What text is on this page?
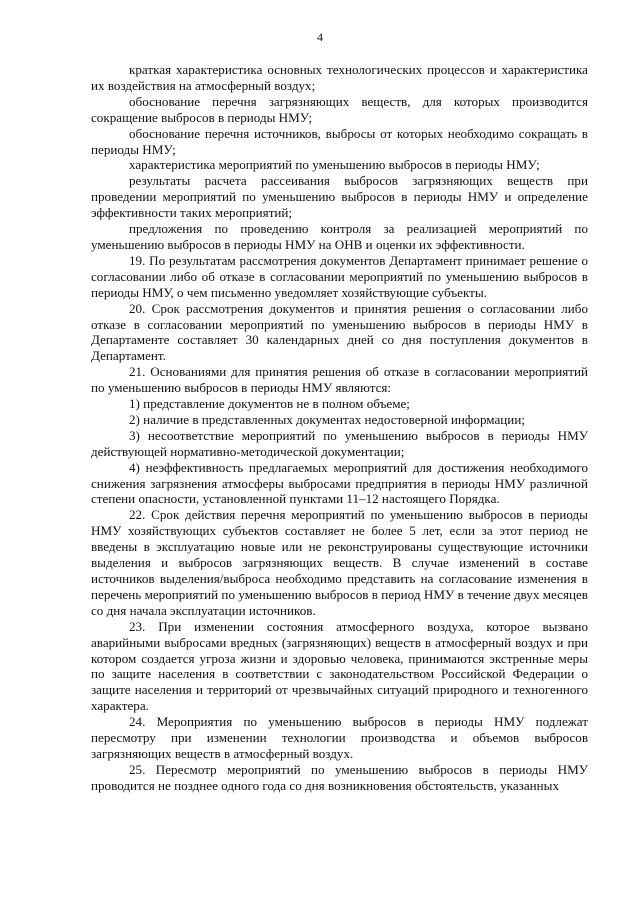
4

краткая характеристика основных технологических процессов и характеристика их воздействия на атмосферный воздух;

обоснование перечня загрязняющих веществ, для которых производится сокращение выбросов в периоды НМУ;

обоснование перечня источников, выбросы от которых необходимо сокращать в периоды НМУ;

характеристика мероприятий по уменьшению выбросов в периоды НМУ;

результаты расчета рассеивания выбросов загрязняющих веществ при проведении мероприятий по уменьшению выбросов в периоды НМУ и определение эффективности таких мероприятий;

предложения по проведению контроля за реализацией мероприятий по уменьшению выбросов в периоды НМУ на ОНВ и оценки их эффективности.

19. По результатам рассмотрения документов Департамент принимает решение о согласовании либо об отказе в согласовании мероприятий по уменьшению выбросов в периоды НМУ, о чем письменно уведомляет хозяйствующие субъекты.

20. Срок рассмотрения документов и принятия решения о согласовании либо отказе в согласовании мероприятий по уменьшению выбросов в периоды НМУ в Департаменте составляет 30 календарных дней со дня поступления документов в Департамент.

21. Основаниями для принятия решения об отказе в согласовании мероприятий по уменьшению выбросов в периоды НМУ являются:

1) представление документов не в полном объеме;

2) наличие в представленных документах недостоверной информации;

3) несоответствие мероприятий по уменьшению выбросов в периоды НМУ действующей нормативно-методической документации;

4) неэффективность предлагаемых мероприятий для достижения необходимого снижения загрязнения атмосферы выбросами предприятия в периоды НМУ различной степени опасности, установленной пунктами 11–12 настоящего Порядка.

22. Срок действия перечня мероприятий по уменьшению выбросов в периоды НМУ хозяйствующих субъектов составляет не более 5 лет, если за этот период не введены в эксплуатацию новые или не реконструированы существующие источники выделения и выбросов загрязняющих веществ. В случае изменений в составе источников выделения/выброса необходимо представить на согласование изменения в перечень мероприятий по уменьшению выбросов в период НМУ в течение двух месяцев со дня начала эксплуатации источников.

23. При изменении состояния атмосферного воздуха, которое вызвано аварийными выбросами вредных (загрязняющих) веществ в атмосферный воздух и при котором создается угроза жизни и здоровью человека, принимаются экстренные меры по защите населения в соответствии с законодательством Российской Федерации о защите населения и территорий от чрезвычайных ситуаций природного и техногенного характера.

24. Мероприятия по уменьшению выбросов в периоды НМУ подлежат пересмотру при изменении технологии производства и объемов выбросов загрязняющих веществ в атмосферный воздух.

25. Пересмотр мероприятий по уменьшению выбросов в периоды НМУ проводится не позднее одного года со дня возникновения обстоятельств, указанных
